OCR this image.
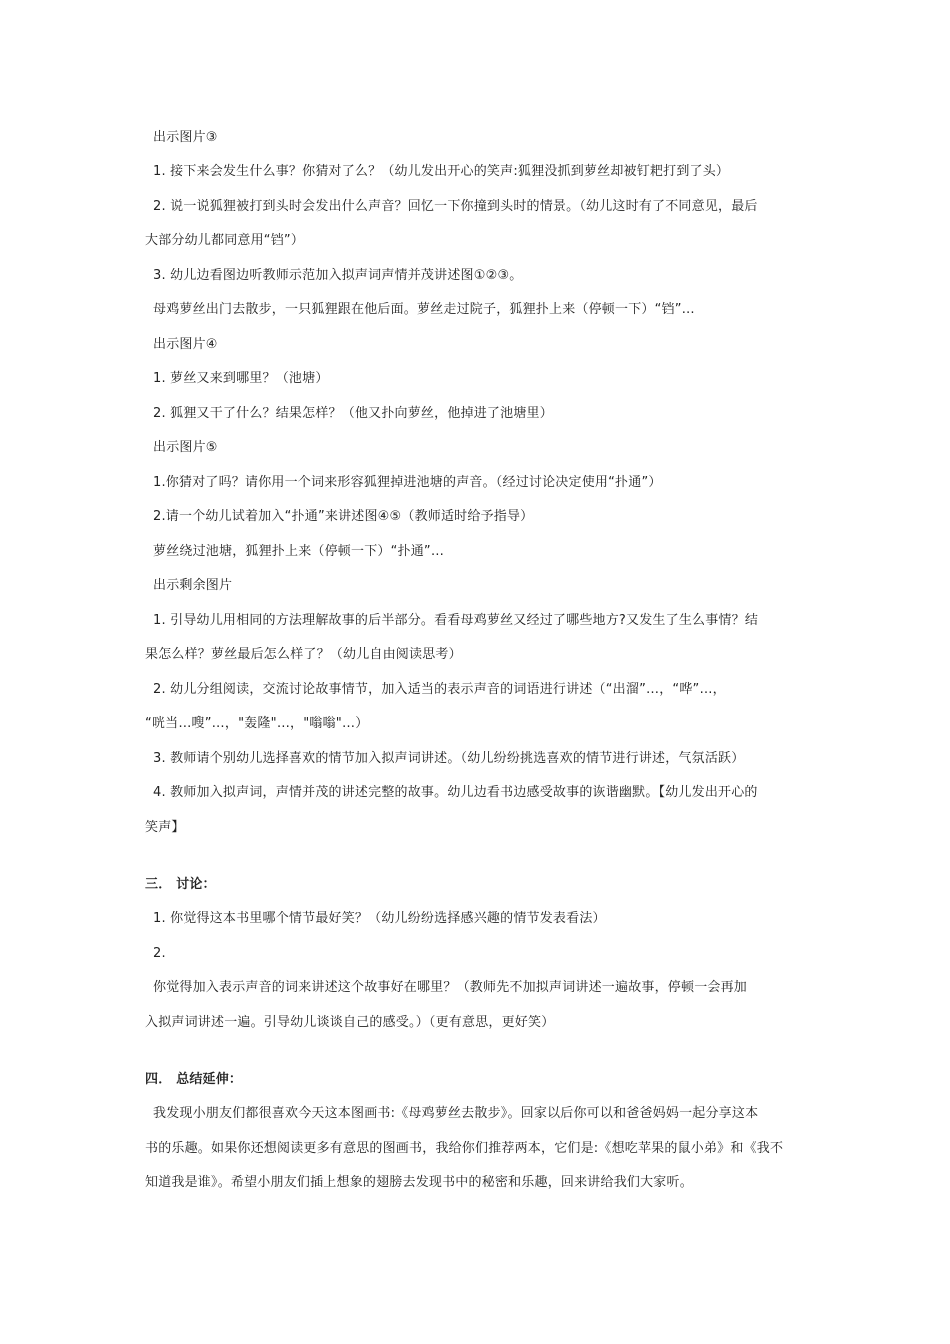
出示图片③
1. 接下来会发生什么事？你猜对了么？（幼儿发出开心的笑声:狐狸没抓到萝丝却被钉耙打到了头）
2. 说一说狐狸被打到头时会发出什么声音？回忆一下你撞到头时的情景。（幼儿这时有了不同意见，最后
大部分幼儿都同意用“铛”）
3. 幼儿边看图边听教师示范加入拟声词声情并茂讲述图①②③。
母鸡萝丝出门去散步，一只狐狸跟在他后面。萝丝走过院子，狐狸扑上来（停顿一下）“铛”…
出示图片④
1. 萝丝又来到哪里？（池塘）
2. 狐狸又干了什么？结果怎样？（他又扑向萝丝，他掉进了池塘里）
出示图片⑤
1.你猜对了吗？请你用一个词来形容狐狸掉进池塘的声音。（经过讨论决定使用“扑通”）
2.请一个幼儿试着加入“扑通”来讲述图④⑤（教师适时给予指导）
萝丝绕过池塘，狐狸扑上来（停顿一下）“扑通”…
出示剩余图片
1. 引导幼儿用相同的方法理解故事的后半部分。看看母鸡萝丝又经过了哪些地方?又发生了生么事情？结
果怎么样？萝丝最后怎么样了？（幼儿自由阅读思考）
2. 幼儿分组阅读，交流讨论故事情节，加入适当的表示声音的词语进行讲述（“出溜”…，“哗”…，
“咣当…嗖”…，"轰隆"…，"嗡嗡"…）
3. 教师请个别幼儿选择喜欢的情节加入拟声词讲述。（幼儿纷纷挑选喜欢的情节进行讲述，气氛活跃）
4. 教师加入拟声词，声情并茂的讲述完整的故事。幼儿边看书边感受故事的诙谐幽默。【幼儿发出开心的
笑声】
三． 讨论：
1. 你觉得这本书里哪个情节最好笑？（幼儿纷纷选择感兴趣的情节发表看法）
2.
你觉得加入表示声音的词来讲述这个故事好在哪里？（教师先不加拟声词讲述一遍故事，停顿一会再加
入拟声词讲述一遍。引导幼儿谈谈自己的感受。）（更有意思，更好笑）
四． 总结延伸：
我发现小朋友们都很喜欢今天这本图画书:《母鸡萝丝去散步》。回家以后你可以和爸爸妈妈一起分享这本
书的乐趣。如果你还想阅读更多有意思的图画书，我给你们推荐两本，它们是:《想吃苹果的鼠小弟》和《我不
知道我是谁》。希望小朋友们插上想象的翅膀去发现书中的秘密和乐趣，回来讲给我们大家听。
